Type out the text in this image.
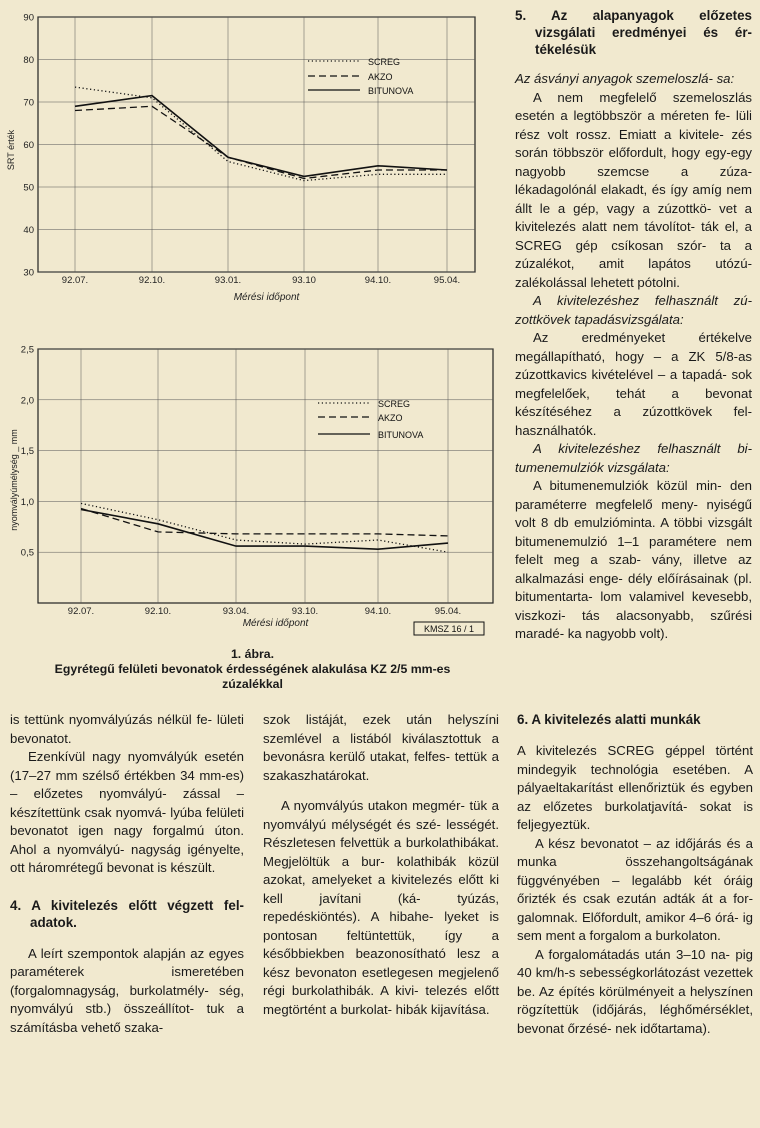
30
40
50
60
70
80
90
92.07.	92.10.	93.01.	93.10	94.10.	95.04.
Mérési időpont
SRT érték
SCREG
AKZO
BITUNOVA
0,5
1,0
1,5
2,0
2,5
92.07.	92.10.	93.04.	93.10.	94.10.	95.04.
Mérési időpont
nyomvályúmélység _ mm
SCREG
AKZO
BITUNOVA
KMSZ 16 / 1
1. ábra.
Egyrétegű felületi bevonatok érdességének alakulása KZ 2/5 mm-es
zúzalékkal

5. Az alapanyagok előzetes

vizsgálati eredményei és ér-

tékelésük

Az ásványi anyagok szemeloszlá- sa:

A nem megfelelő szemeloszlás esetén a legtöbbször a méreten fe- lüli rész volt rossz. Emiatt a kivitele- zés során többször előfordult, hogy egy-egy nagyobb szemcse a zúza- lékadagolónál elakadt, és így amíg nem állt le a gép, vagy a zúzottkö- vet a kivitelezés alatt nem távolítot- ták el, a SCREG gép csíkosan szór- ta a zúzalékot, amit lapátos utózú- zalékolással lehetett pótolni.

A kivitelezéshez felhasznált zú- zottkövek tapadásvizsgálata:

Az eredményeket értékelve megállapítható, hogy – a ZK 5/8-as zúzottkavics kivételével – a tapadá- sok megfelelőek, tehát a bevonat készítéséhez a zúzottkövek fel- használhatók.

A kivitelezéshez felhasznált bi- tumenemulziók vizsgálata:

A bitumenemulziók közül min- den paraméterre megfelelő meny- nyiségű volt 8 db emulzióminta. A többi vizsgált bitumenemulzió 1–1 paramétere nem felelt meg a szab- vány, illetve az alkalmazási enge- dély előírásainak (pl. bitumentarta- lom valamivel kevesebb, viszkozi- tás alacsonyabb, szűrési maradé- ka nagyobb volt).

is tettünk nyomvályúzás nélkül fe- lületi bevonatot.

Ezenkívül nagy nyomvályúk esetén (17–27 mm szélső értékben 34 mm-es) – előzetes nyomvályú- zással – készítettünk csak nyomvá- lyúba felületi bevonatot igen nagy forgalmú úton. Ahol a nyomvályú- nagyság igényelte, ott háromrétegű bevonat is készült.

4. A kivitelezés előtt végzett fel- adatok.

A leírt szempontok alapján az egyes paraméterek ismeretében (forgalomnagyság, burkolatmély- ség, nyomvályú stb.) összeállítot- tuk a számításba vehető szaka-

szok listáját, ezek után helyszíni szemlével a listából kiválasztottuk a bevonásra kerülő utakat, felfes- tettük a szakaszhatárokat.

A nyomvályús utakon megmér- tük a nyomvályú mélységét és szé- lességét. Részletesen felvettük a burkolathibákat. Megjelöltük a bur- kolathibák közül azokat, amelyeket a kivitelezés előtt ki kell javítani (ká- tyúzás, repedéskiöntés). A hibahe- lyeket is pontosan feltüntettük, így a későbbiekben beazonosítható lesz a kész bevonaton esetlegesen megjelenő régi burkolathibák. A kivi- telezés előtt megtörtént a burkolat- hibák kijavítása.

6. A kivitelezés alatti munkák

A kivitelezés SCREG géppel történt mindegyik technológia esetében. A pályaeltakarítást ellenőriztük és egyben az előzetes burkolatjavítá- sokat is feljegyeztük.

A kész bevonatot – az időjárás és a munka összehangoltságának függvényében – legalább két óráig őrizték és csak ezután adták át a for- galomnak. Előfordult, amikor 4–6 órá- ig sem ment a forgalom a burkolaton.

A forgalomátadás után 3–10 na- pig 40 km/h-s sebességkorlátozást vezettek be. Az építés körülményeit a helyszínen rögzítettük (időjárás, léghőmérséklet, bevonat őrzésé- nek időtartama).
